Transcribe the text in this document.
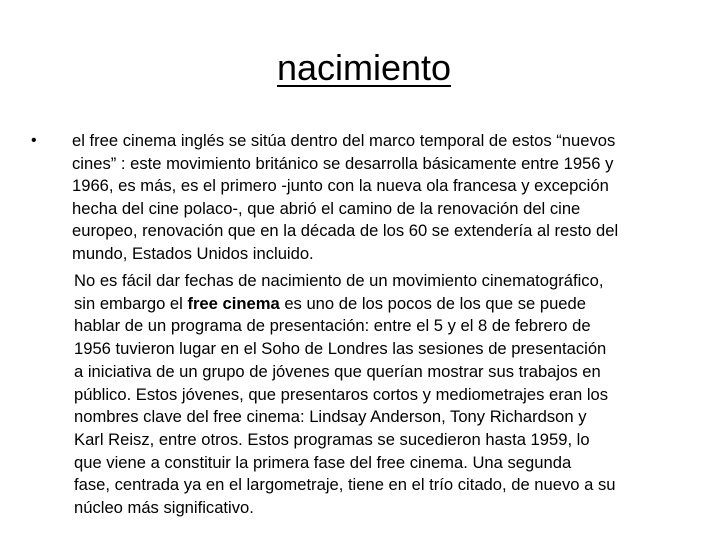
nacimiento
• el free cinema inglés se sitúa dentro del marco temporal de estos “nuevos
cines” : este movimiento británico se desarrolla básicamente entre 1956 y
1966, es más, es el primero -junto con la nueva ola francesa y excepción
hecha del cine polaco-, que abrió el camino de la renovación del cine
europeo, renovación que en la década de los 60 se extendería al resto del
mundo, Estados Unidos incluido.

No es fácil dar fechas de nacimiento de un movimiento cinematográfico,
sin embargo el free cinema es uno de los pocos de los que se puede
hablar de un programa de presentación: entre el 5 y el 8 de febrero de
1956 tuvieron lugar en el Soho de Londres las sesiones de presentación
a iniciativa de un grupo de jóvenes que querían mostrar sus trabajos en
público. Estos jóvenes, que presentaros cortos y mediometrajes eran los
nombres clave del free cinema: Lindsay Anderson, Tony Richardson y
Karl Reisz, entre otros. Estos programas se sucedieron hasta 1959, lo
que viene a constituir la primera fase del free cinema. Una segunda
fase, centrada ya en el largometraje, tiene en el trío citado, de nuevo a su
núcleo más significativo.
